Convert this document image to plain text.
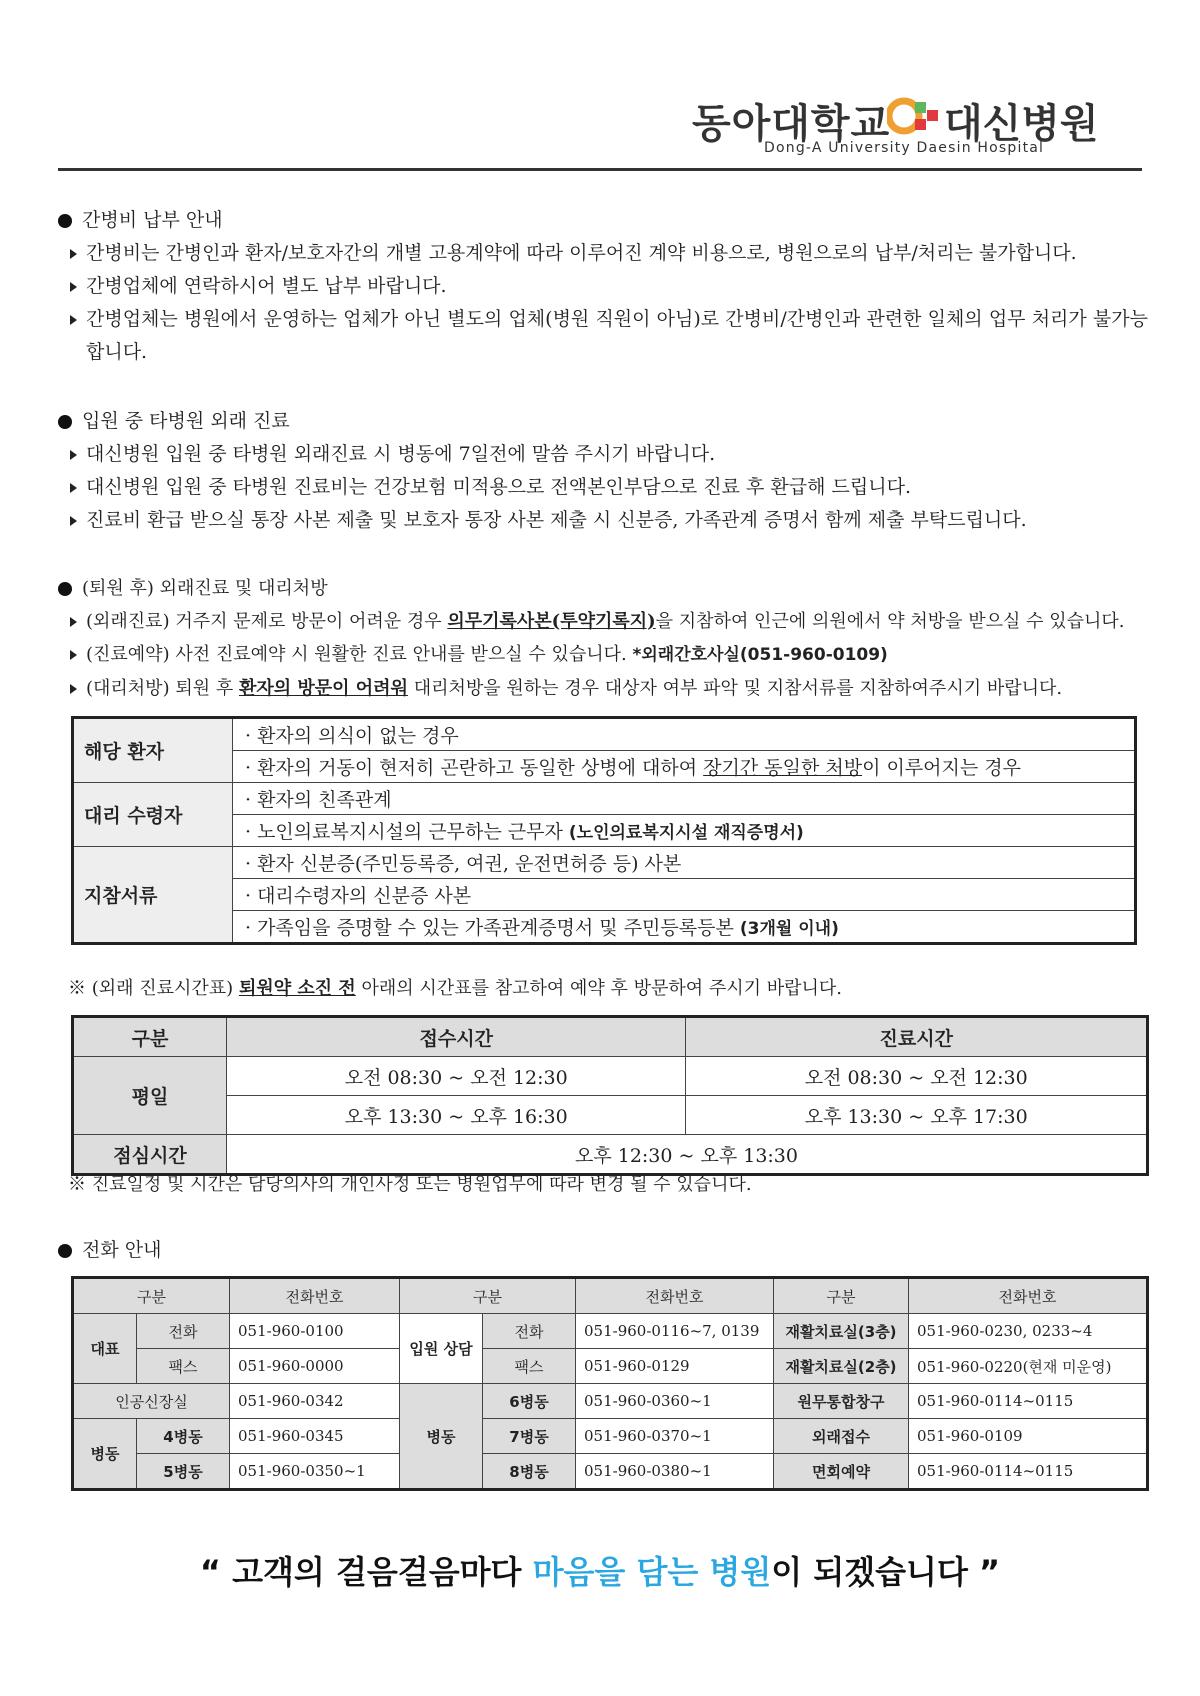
동아대학교 대신병원
Dong-A University Daesin Hospital
간병비 납부 안내
간병비는 간병인과 환자/보호자간의 개별 고용계약에 따라 이루어진 계약 비용으로, 병원으로의 납부/처리는 불가합니다.
간병업체에 연락하시어 별도 납부 바랍니다.
간병업체는 병원에서 운영하는 업체가 아닌 별도의 업체(병원 직원이 아님)로 간병비/간병인과 관련한 일체의 업무 처리가 불가능합니다.
입원 중 타병원 외래 진료
대신병원 입원 중 타병원 외래진료 시 병동에 7일전에 말씀 주시기 바랍니다.
대신병원 입원 중 타병원 진료비는 건강보험 미적용으로 전액본인부담으로 진료 후 환급해 드립니다.
진료비 환급 받으실 통장 사본 제출 및 보호자 통장 사본 제출 시 신분증, 가족관계 증명서 함께 제출 부탁드립니다.
(퇴원 후) 외래진료 및 대리처방
(외래진료) 거주지 문제로 방문이 어려운 경우 의무기록사본(투약기록지)을 지참하여 인근에 의원에서 약 처방을 받으실 수 있습니다.
(진료예약) 사전 진료예약 시 원활한 진료 안내를 받으실 수 있습니다. *외래간호사실(051-960-0109)
(대리처방) 퇴원 후 환자의 방문이 어려워 대리처방을 원하는 경우 대상자 여부 파악 및 지참서류를 지참하여주시기 바랍니다.
해당 환자	· 환자의 의식이 없는 경우
	· 환자의 거동이 현저히 곤란하고 동일한 상병에 대하여 장기간 동일한 처방이 이루어지는 경우
대리 수령자	· 환자의 친족관계
	· 노인의료복지시설의 근무하는 근무자 (노인의료복지시설 재직증명서)
지참서류	· 환자 신분증(주민등록증, 여권, 운전면허증 등) 사본
	· 대리수령자의 신분증 사본
	· 가족임을 증명할 수 있는 가족관계증명서 및 주민등록등본 (3개월 이내)
※ (외래 진료시간표) 퇴원약 소진 전 아래의 시간표를 참고하여 예약 후 방문하여 주시기 바랍니다.
구분	접수시간	진료시간
평일	오전 08:30 ~ 오전 12:30	오전 08:30 ~ 오전 12:30
	오후 13:30 ~ 오후 16:30	오후 13:30 ~ 오후 17:30
점심시간	오후 12:30 ~ 오후 13:30	
※ 진료일정 및 시간은 담당의사의 개인사정 또는 병원업무에 따라 변경 될 수 있습니다.
전화 안내
구분		전화번호	구분		전화번호	구분	전화번호
대표	전화	051-960-0100	입원 상담	전화	051-960-0116~7, 0139	재활치료실(3층)	051-960-0230, 0233~4
	팩스	051-960-0000		팩스	051-960-0129	재활치료실(2층)	051-960-0220(현재 미운영)
인공신장실		051-960-0342	병동	6병동	051-960-0360~1	원무통합창구	051-960-0114~0115
병동	4병동	051-960-0345		7병동	051-960-0370~1	외래접수	051-960-0109
	5병동	051-960-0350~1		8병동	051-960-0380~1	면회예약	051-960-0114~0115
“ 고객의 걸음걸음마다 마음을 담는 병원이 되겠습니다 ”
